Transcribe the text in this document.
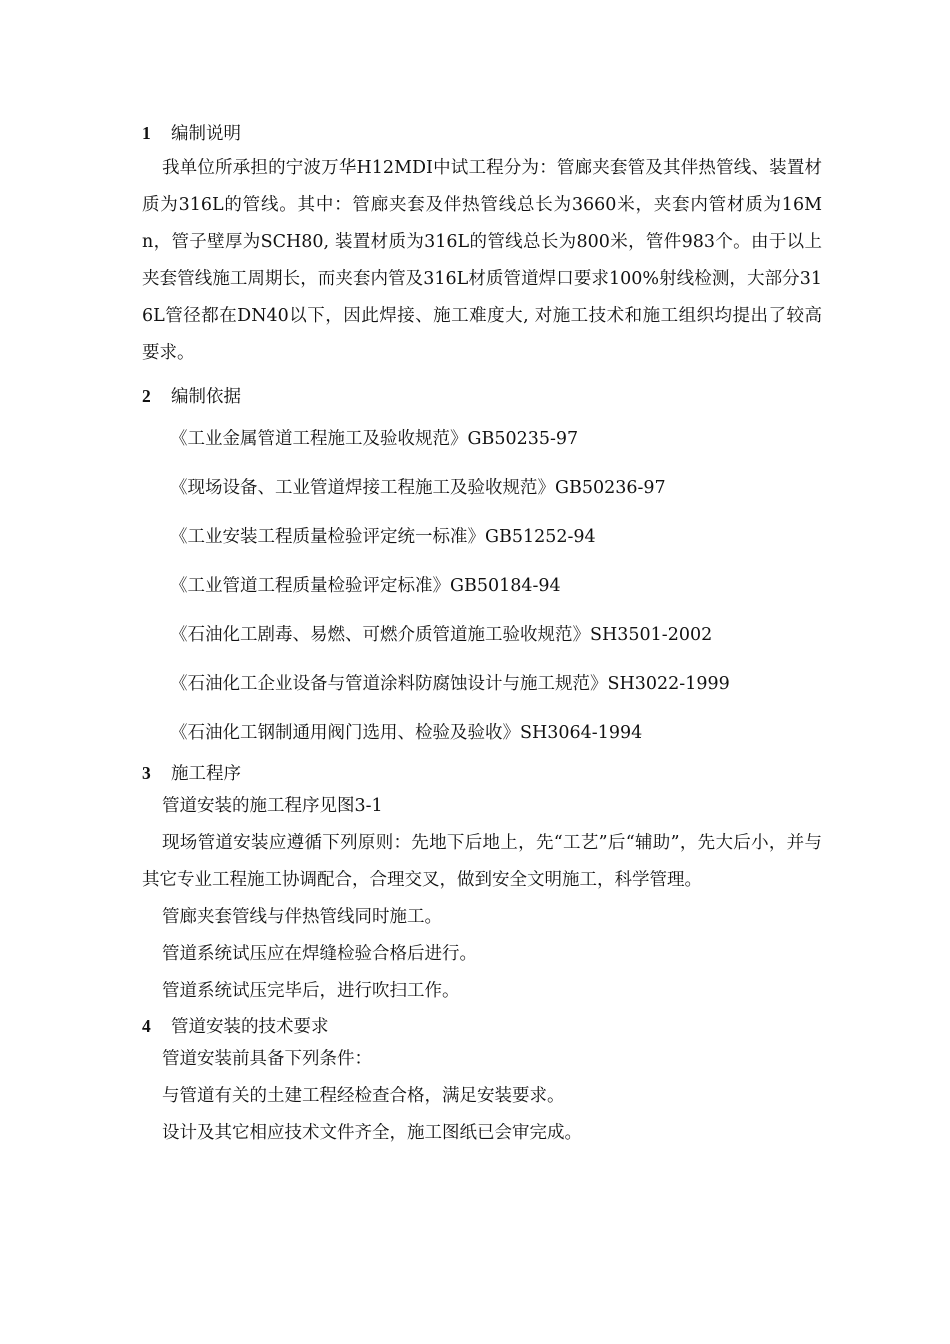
1 编制说明

我单位所承担的宁波万华H12MDI中试工程分为：管廊夹套管及其伴热管线、装置材质为316L的管线。其中：管廊夹套及伴热管线总长为3660米，夹套内管材质为16Mn，管子壁厚为SCH80, 装置材质为316L的管线总长为800米，管件983个。由于以上夹套管线施工周期长，而夹套内管及316L材质管道焊口要求100%射线检测，大部分316L管径都在DN40以下，因此焊接、施工难度大, 对施工技术和施工组织均提出了较高要求。

2 编制依据
《工业金属管道工程施工及验收规范》GB50235-97
《现场设备、工业管道焊接工程施工及验收规范》GB50236-97
《工业安装工程质量检验评定统一标准》GB51252-94
《工业管道工程质量检验评定标准》GB50184-94
《石油化工剧毒、易燃、可燃介质管道施工验收规范》SH3501-2002
《石油化工企业设备与管道涂料防腐蚀设计与施工规范》SH3022-1999
《石油化工钢制通用阀门选用、检验及验收》SH3064-1994
3 施工程序
管道安装的施工程序见图3-1

现场管道安装应遵循下列原则：先地下后地上，先“工艺”后“辅助”，先大后小，并与其它专业工程施工协调配合，合理交叉，做到安全文明施工，科学管理。

管廊夹套管线与伴热管线同时施工。
管道系统试压应在焊缝检验合格后进行。
管道系统试压完毕后，进行吹扫工作。
4 管道安装的技术要求
管道安装前具备下列条件：
与管道有关的土建工程经检查合格，满足安装要求。
设计及其它相应技术文件齐全，施工图纸已会审完成。
